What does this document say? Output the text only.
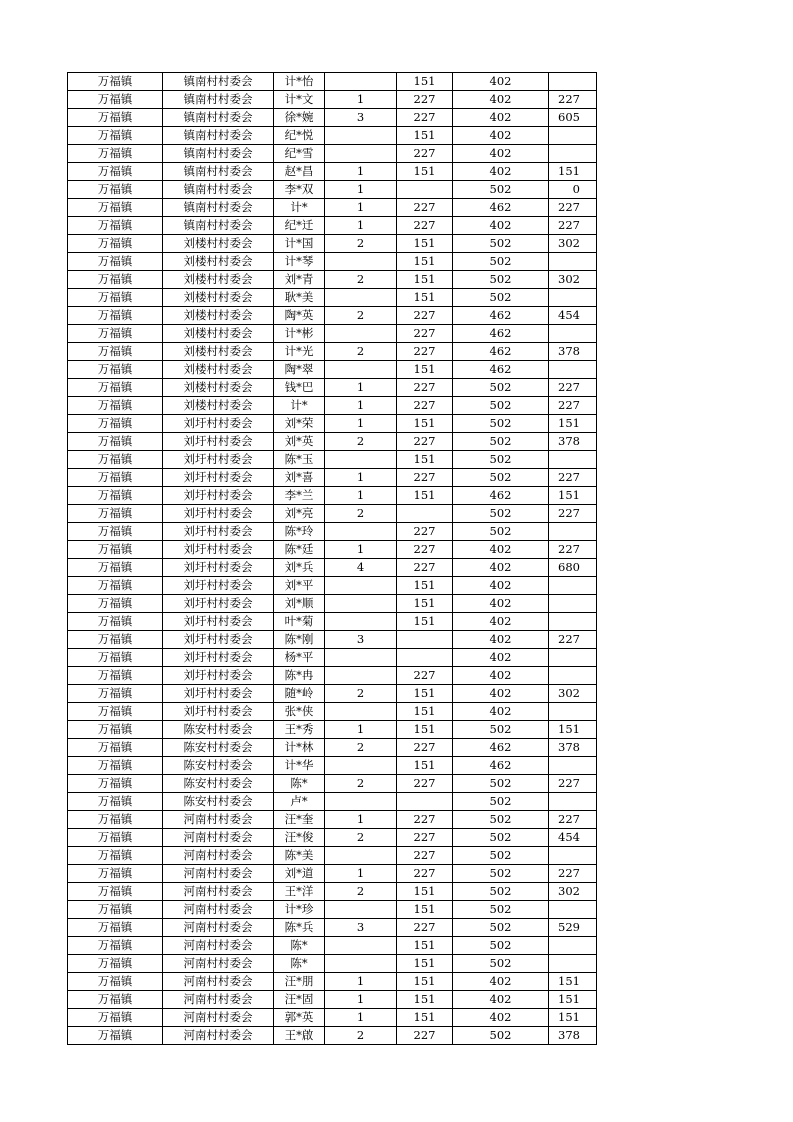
万福镇	镇南村村委会	计*怡		151	402	
万福镇	镇南村村委会	计*文	1	227	402	227
万福镇	镇南村村委会	徐*婉	3	227	402	605
万福镇	镇南村村委会	纪*悦		151	402	
万福镇	镇南村村委会	纪*雪		227	402	
万福镇	镇南村村委会	赵*昌	1	151	402	151
万福镇	镇南村村委会	李*双	1		502	0
万福镇	镇南村村委会	计*	1	227	462	227
万福镇	镇南村村委会	纪*迁	1	227	402	227
万福镇	刘楼村村委会	计*国	2	151	502	302
万福镇	刘楼村村委会	计*琴		151	502	
万福镇	刘楼村村委会	刘*青	2	151	502	302
万福镇	刘楼村村委会	耿*美		151	502	
万福镇	刘楼村村委会	陶*英	2	227	462	454
万福镇	刘楼村村委会	计*彬		227	462	
万福镇	刘楼村村委会	计*光	2	227	462	378
万福镇	刘楼村村委会	陶*翠		151	462	
万福镇	刘楼村村委会	钱*巴	1	227	502	227
万福镇	刘楼村村委会	计*	1	227	502	227
万福镇	刘圩村村委会	刘*荣	1	151	502	151
万福镇	刘圩村村委会	刘*英	2	227	502	378
万福镇	刘圩村村委会	陈*玉		151	502	
万福镇	刘圩村村委会	刘*喜	1	227	502	227
万福镇	刘圩村村委会	李*兰	1	151	462	151
万福镇	刘圩村村委会	刘*亮	2		502	227
万福镇	刘圩村村委会	陈*玲		227	502	
万福镇	刘圩村村委会	陈*廷	1	227	402	227
万福镇	刘圩村村委会	刘*兵	4	227	402	680
万福镇	刘圩村村委会	刘*平		151	402	
万福镇	刘圩村村委会	刘*顺		151	402	
万福镇	刘圩村村委会	叶*菊		151	402	
万福镇	刘圩村村委会	陈*刚	3		402	227
万福镇	刘圩村村委会	杨*平			402	
万福镇	刘圩村村委会	陈*冉		227	402	
万福镇	刘圩村村委会	随*岭	2	151	402	302
万福镇	刘圩村村委会	张*侠		151	402	
万福镇	陈安村村委会	王*秀	1	151	502	151
万福镇	陈安村村委会	计*林	2	227	462	378
万福镇	陈安村村委会	计*华		151	462	
万福镇	陈安村村委会	陈*	2	227	502	227
万福镇	陈安村村委会	卢*			502	
万福镇	河南村村委会	汪*奎	1	227	502	227
万福镇	河南村村委会	汪*俊	2	227	502	454
万福镇	河南村村委会	陈*美		227	502	
万福镇	河南村村委会	刘*道	1	227	502	227
万福镇	河南村村委会	王*洋	2	151	502	302
万福镇	河南村村委会	计*珍		151	502	
万福镇	河南村村委会	陈*兵	3	227	502	529
万福镇	河南村村委会	陈*		151	502	
万福镇	河南村村委会	陈*		151	502	
万福镇	河南村村委会	汪*朋	1	151	402	151
万福镇	河南村村委会	汪*固	1	151	402	151
万福镇	河南村村委会	郭*英	1	151	402	151
万福镇	河南村村委会	王*啟	2	227	502	378
